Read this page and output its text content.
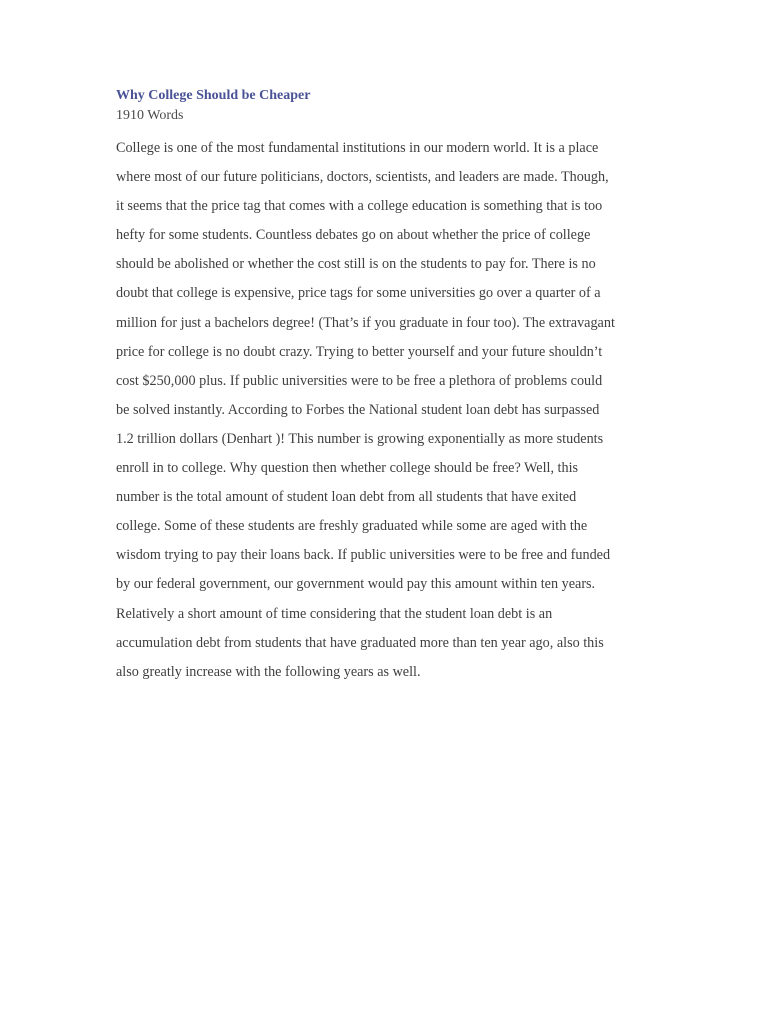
Why College Should be Cheaper
1910 Words
College is one of the most fundamental institutions in our modern world. It is a place
where most of our future politicians, doctors, scientists, and leaders are made. Though,
it seems that the price tag that comes with a college education is something that is too
hefty for some students. Countless debates go on about whether the price of college
should be abolished or whether the cost still is on the students to pay for. There is no
doubt that college is expensive, price tags for some universities go over a quarter of a
million for just a bachelors degree! (That’s if you graduate in four too). The extravagant
price for college is no doubt crazy. Trying to better yourself and your future shouldn’t
cost $250,000 plus. If public universities were to be free a plethora of problems could
be solved instantly. According to Forbes the National student loan debt has surpassed
1.2 trillion dollars (Denhart )! This number is growing exponentially as more students
enroll in to college. Why question then whether college should be free? Well, this
number is the total amount of student loan debt from all students that have exited
college. Some of these students are freshly graduated while some are aged with the
wisdom trying to pay their loans back. If public universities were to be free and funded
by our federal government, our government would pay this amount within ten years.
Relatively a short amount of time considering that the student loan debt is an
accumulation debt from students that have graduated more than ten year ago, also this
also greatly increase with the following years as well.
